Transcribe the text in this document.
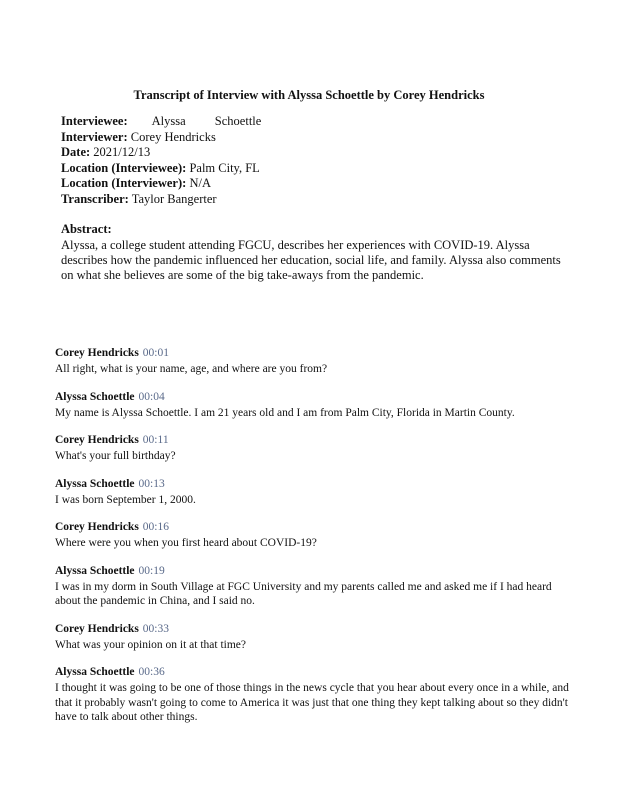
Transcript of Interview with Alyssa Schoettle by Corey Hendricks
Interviewee: Alyssa Schoettle
Interviewer: Corey Hendricks
Date: 2021/12/13
Location (Interviewee): Palm City, FL
Location (Interviewer): N/A
Transcriber: Taylor Bangerter
Abstract:
Alyssa, a college student attending FGCU, describes her experiences with COVID-19. Alyssa describes how the pandemic influenced her education, social life, and family. Alyssa also comments on what she believes are some of the big take-aways from the pandemic.
Corey Hendricks 00:01
All right, what is your name, age, and where are you from?
Alyssa Schoettle 00:04
My name is Alyssa Schoettle. I am 21 years old and I am from Palm City, Florida in Martin County.
Corey Hendricks 00:11
What's your full birthday?
Alyssa Schoettle 00:13
I was born September 1, 2000.
Corey Hendricks 00:16
Where were you when you first heard about COVID-19?
Alyssa Schoettle 00:19
I was in my dorm in South Village at FGC University and my parents called me and asked me if I had heard about the pandemic in China, and I said no.
Corey Hendricks 00:33
What was your opinion on it at that time?
Alyssa Schoettle 00:36
I thought it was going to be one of those things in the news cycle that you hear about every once in a while, and that it probably wasn't going to come to America it was just that one thing they kept talking about so they didn't have to talk about other things.
